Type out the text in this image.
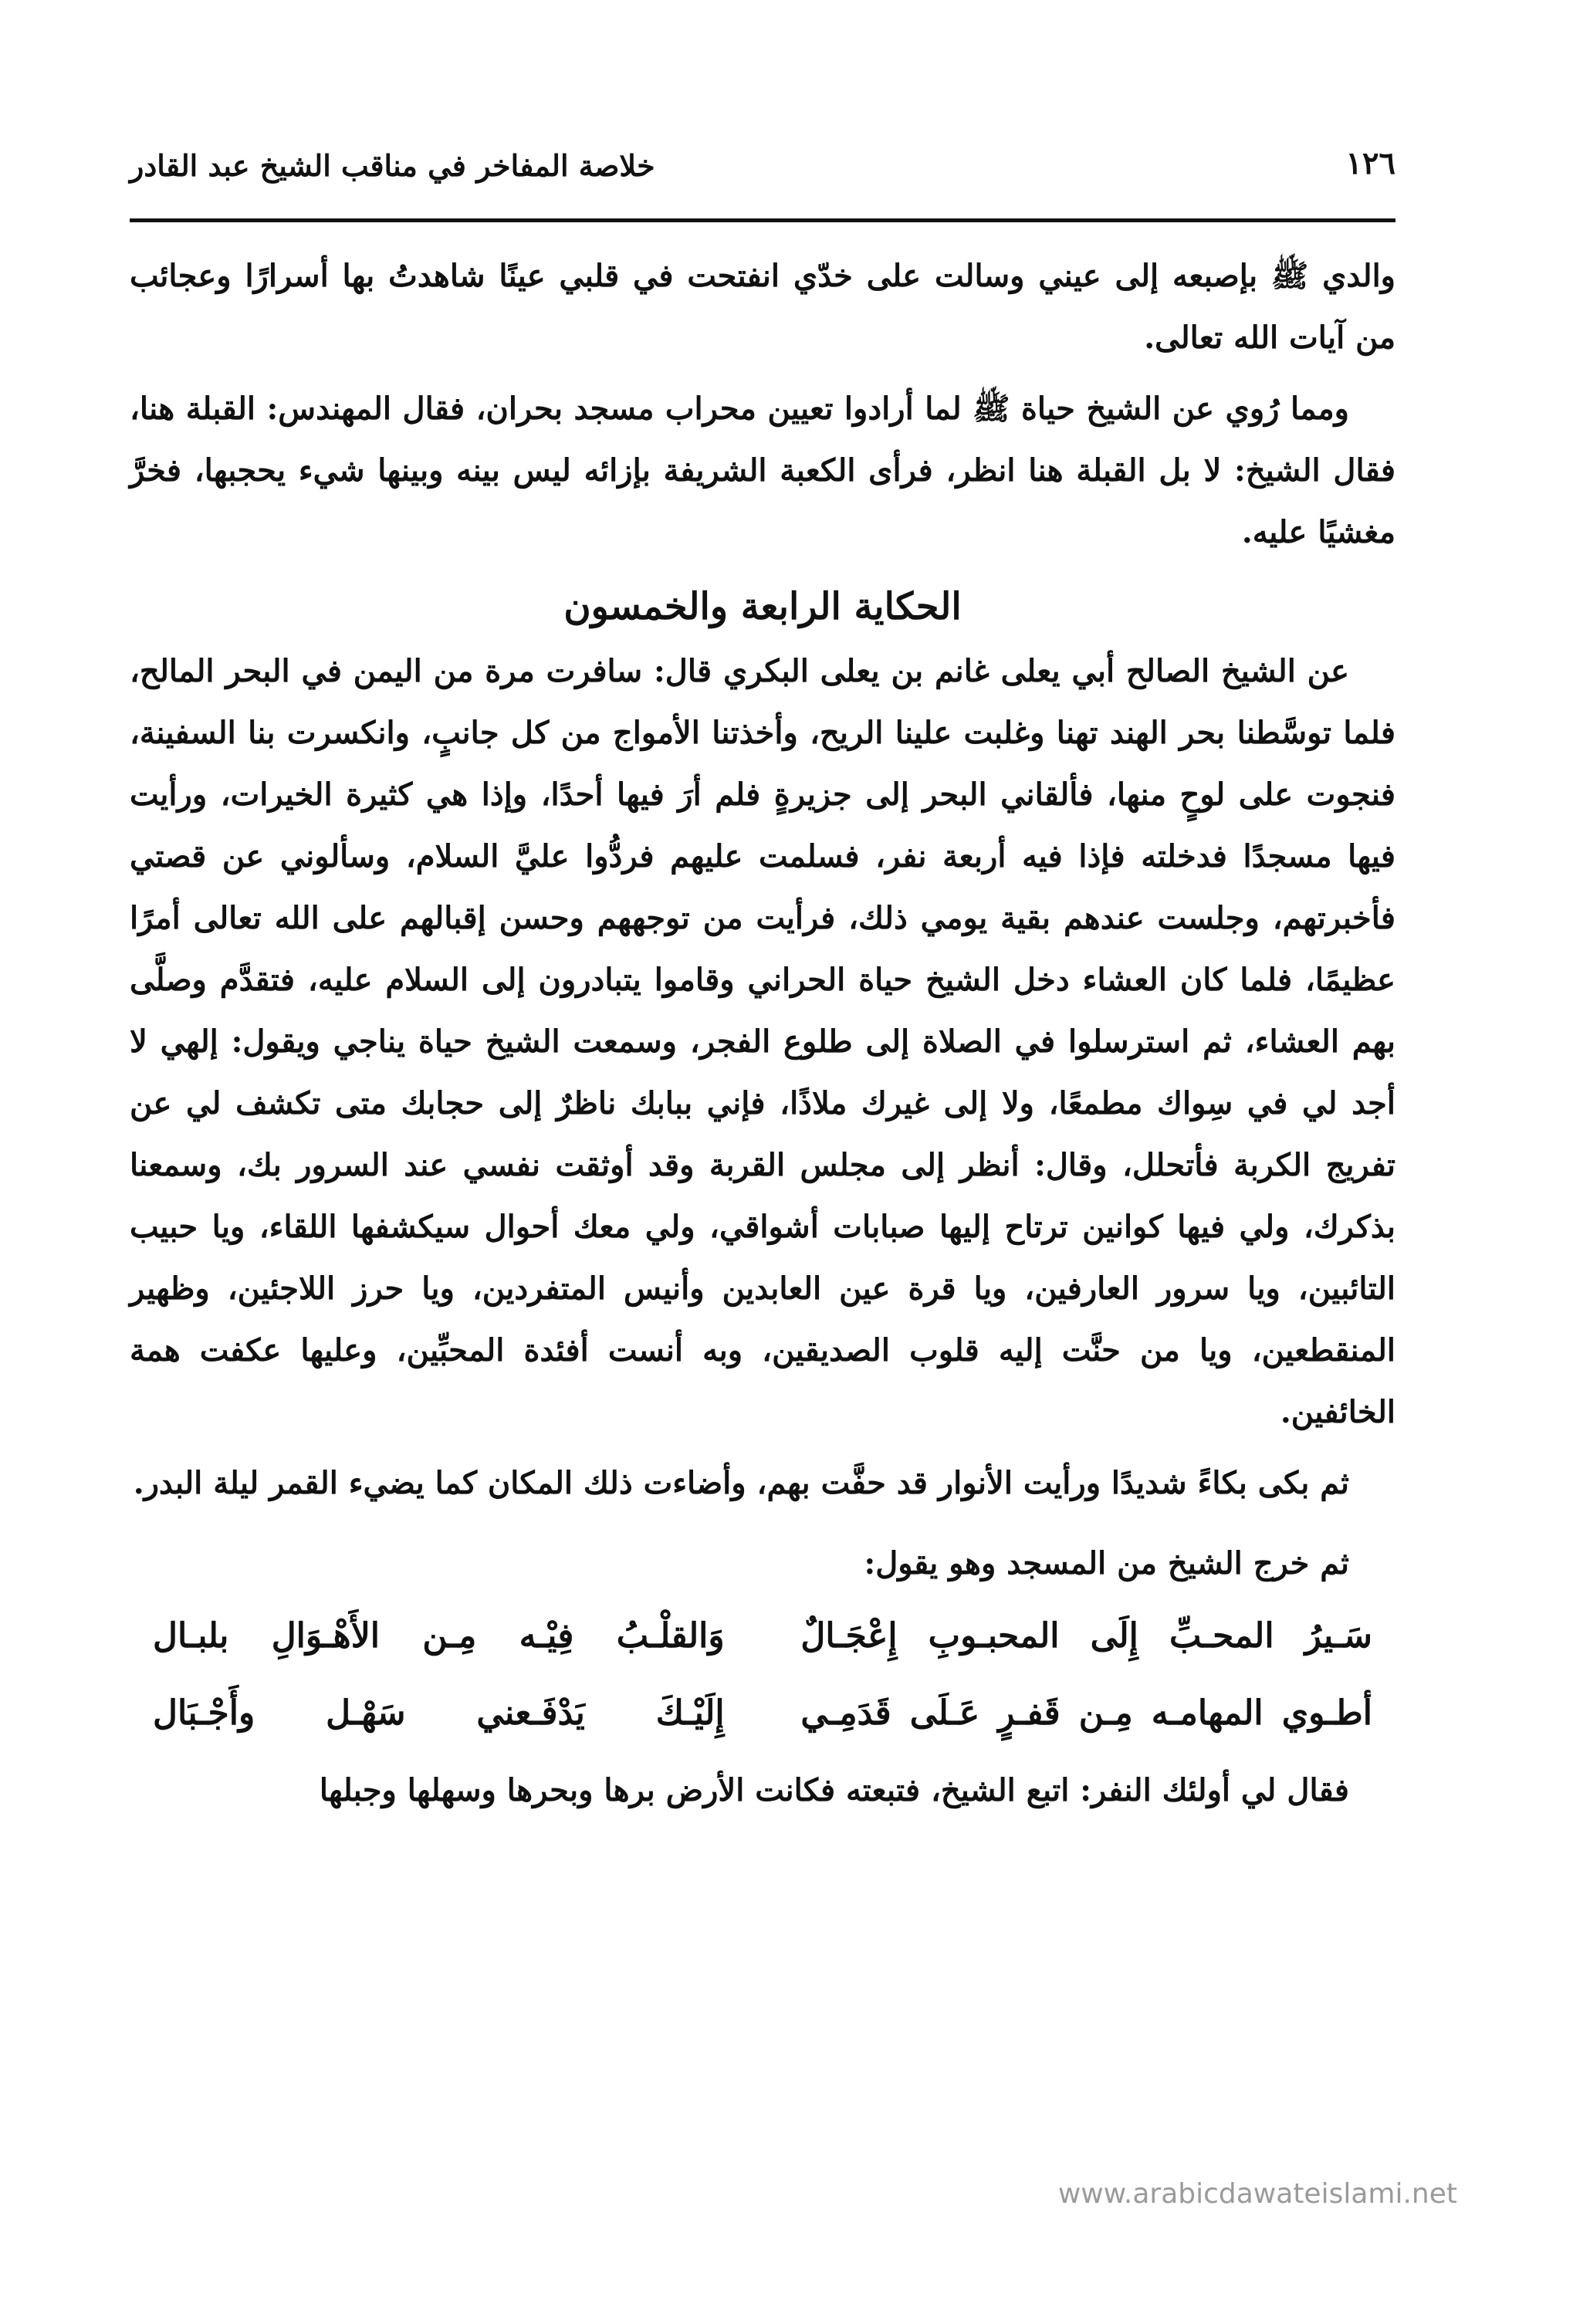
١٢٦
خلاصة المفاخر في مناقب الشيخ عبد القادر

والدي ﷺ بإصبعه إلى عيني وسالت على خدّي انفتحت في قلبي عينًا شاهدتُ بها أسرارًا وعجائب من آيات الله تعالى.

ومما رُوي عن الشيخ حياة ﷺ لما أرادوا تعيين محراب مسجد بحران، فقال المهندس: القبلة هنا، فقال الشيخ: لا بل القبلة هنا انظر، فرأى الكعبة الشريفة بإزائه ليس بينه وبينها شيء يحجبها، فخرَّ مغشيًا عليه.

الحكاية الرابعة والخمسون

عن الشيخ الصالح أبي يعلى غانم بن يعلى البكري قال: سافرت مرة من اليمن في البحر المالح، فلما توسَّطنا بحر الهند تهنا وغلبت علينا الريح، وأخذتنا الأمواج من كل جانبٍ، وانكسرت بنا السفينة، فنجوت على لوحٍ منها، فألقاني البحر إلى جزيرةٍ فلم أرَ فيها أحدًا، وإذا هي كثيرة الخيرات، ورأيت فيها مسجدًا فدخلته فإذا فيه أربعة نفر، فسلمت عليهم فردُّوا عليَّ السلام، وسألوني عن قصتي فأخبرتهم، وجلست عندهم بقية يومي ذلك، فرأيت من توجههم وحسن إقبالهم على الله تعالى أمرًا عظيمًا، فلما كان العشاء دخل الشيخ حياة الحراني وقاموا يتبادرون إلى السلام عليه، فتقدَّم وصلَّى بهم العشاء، ثم استرسلوا في الصلاة إلى طلوع الفجر، وسمعت الشيخ حياة يناجي ويقول: إلهي لا أجد لي في سِواك مطمعًا، ولا إلى غيرك ملاذًا، فإني ببابك ناظرٌ إلى حجابك متى تكشف لي عن تفريج الكربة فأتحلل، وقال: أنظر إلى مجلس القربة وقد أوثقت نفسي عند السرور بك، وسمعنا بذكرك، ولي فيها كوانين ترتاح إليها صبابات أشواقي، ولي معك أحوال سيكشفها اللقاء، ويا حبيب التائبين، ويا سرور العارفين، ويا قرة عين العابدين وأنيس المتفردين، ويا حرز اللاجئين، وظهير المنقطعين، ويا من حنَّت إليه قلوب الصديقين، وبه أنست أفئدة المحبِّين، وعليها عكفت همة الخائفين.

ثم بكى بكاءً شديدًا ورأيت الأنوار قد حفَّت بهم، وأضاءت ذلك المكان كما يضيء القمر ليلة البدر.

ثم خرج الشيخ من المسجد وهو يقول:

سَـيرُ المحـبِّ إِلَى المحبـوبِ إِعْجَـالٌ
وَالقلْـبُ فِيْـه مِـن الأَهْـوَالِ بلبـال
أطـوي المهامـه مِـن قَفـرٍ عَـلَى قَدَمِـي
إِلَيْـكَ يَدْفَـعني سَهْـل وأَجْـبَال

فقال لي أولئك النفر: اتبع الشيخ، فتبعته فكانت الأرض برها وبحرها وسهلها وجبلها

www.arabicdawateislami.net
